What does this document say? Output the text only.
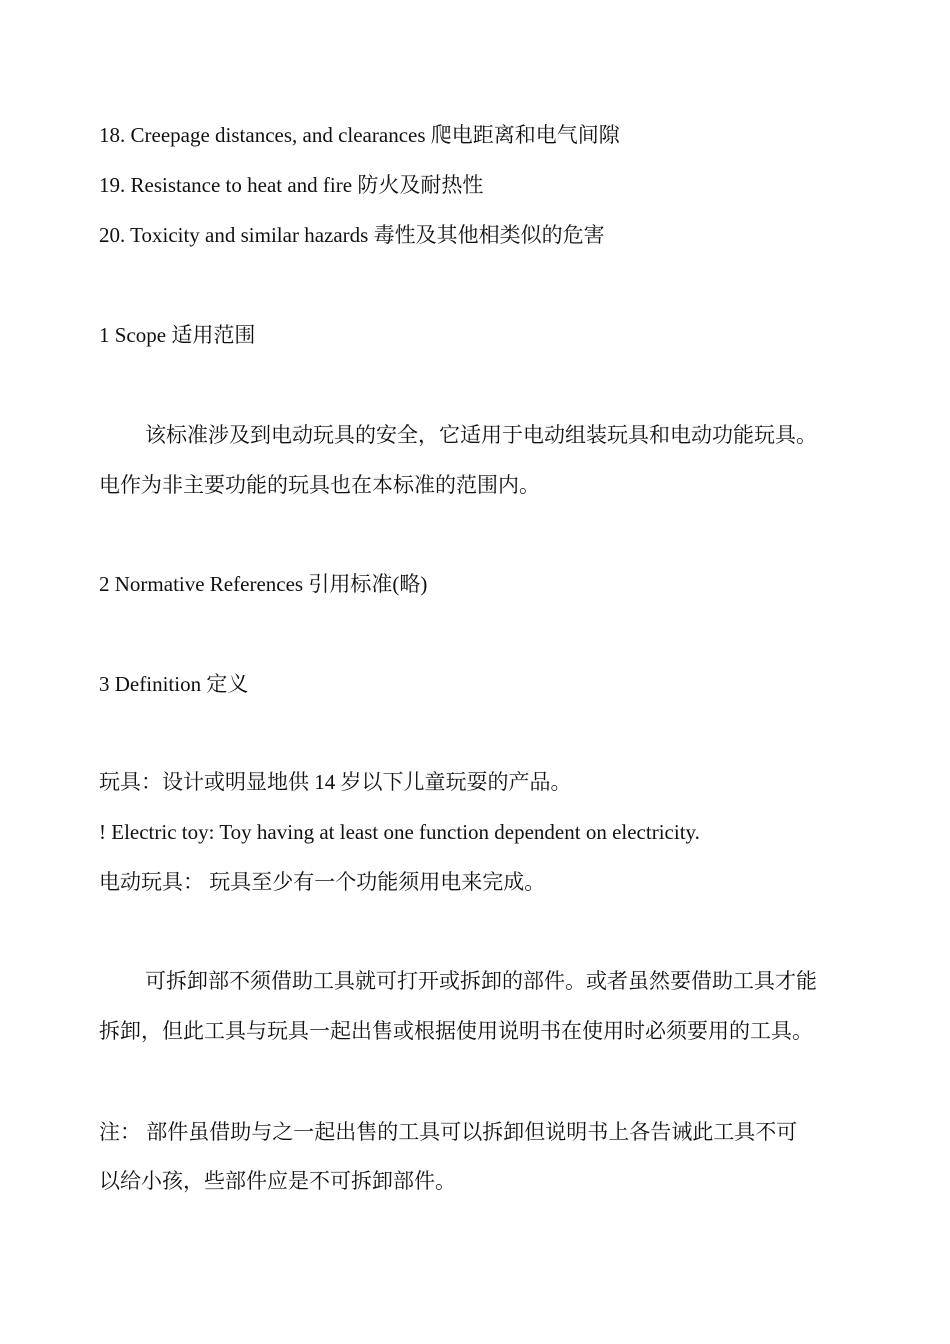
18. Creepage distances, and clearances 爬电距离和电气间隙
19. Resistance to heat and fire 防火及耐热性
20. Toxicity and similar hazards 毒性及其他相类似的危害
1 Scope 适用范围
该标准涉及到电动玩具的安全，它适用于电动组装玩具和电动功能玩具。
电作为非主要功能的玩具也在本标准的范围内。
2 Normative References 引用标准(略)
3 Definition 定义
玩具：设计或明显地供 14 岁以下儿童玩耍的产品。
! Electric toy: Toy having at least one function dependent on electricity.
电动玩具： 玩具至少有一个功能须用电来完成。
可拆卸部不须借助工具就可打开或拆卸的部件。或者虽然要借助工具才能
拆卸，但此工具与玩具一起出售或根据使用说明书在使用时必须要用的工具。
注： 部件虽借助与之一起出售的工具可以拆卸但说明书上各告诫此工具不可
以给小孩，些部件应是不可拆卸部件。
